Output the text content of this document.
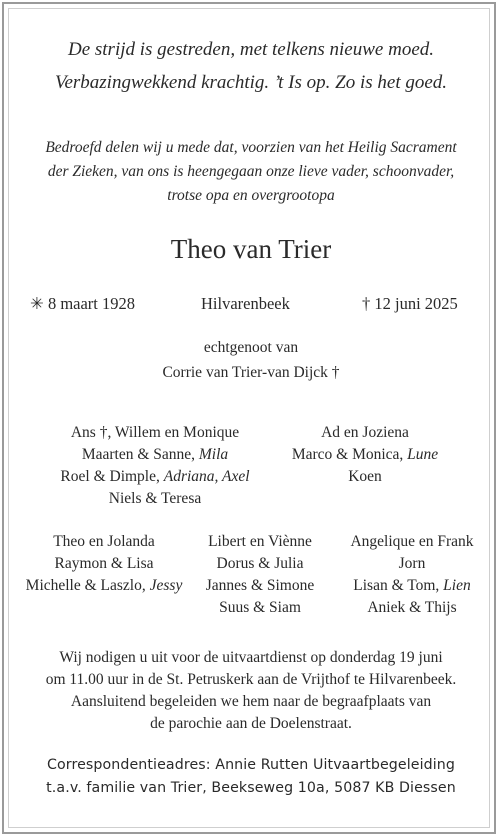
De strijd is gestreden, met telkens nieuwe moed.
Verbazingwekkend krachtig. ’t Is op. Zo is het goed.
Bedroefd delen wij u mede dat, voorzien van het Heilig Sacrament
der Zieken, van ons is heengegaan onze lieve vader, schoonvader,
trotse opa en overgrootopa
Theo van Trier
✳ 8 maart 1928	Hilvarenbeek	† 12 juni 2025
echtgenoot van
Corrie van Trier-van Dijck †
Ans †, Willem en Monique
Maarten & Sanne, Mila
Roel & Dimple, Adriana, Axel
Niels & Teresa
Ad en Joziena
Marco & Monica, Lune
Koen
Theo en Jolanda
Raymon & Lisa
Michelle & Laszlo, Jessy
Libert en Viènne
Dorus & Julia
Jannes & Simone
Suus & Siam
Angelique en Frank
Jorn
Lisan & Tom, Lien
Aniek & Thijs
Wij nodigen u uit voor de uitvaartdienst op donderdag 19 juni
om 11.00 uur in de St. Petruskerk aan de Vrijthof te Hilvarenbeek.
Aansluitend begeleiden we hem naar de begraafplaats van
de parochie aan de Doelenstraat.
Correspondentieadres: Annie Rutten Uitvaartbegeleiding
t.a.v. familie van Trier, Beekseweg 10a, 5087 KB Diessen
